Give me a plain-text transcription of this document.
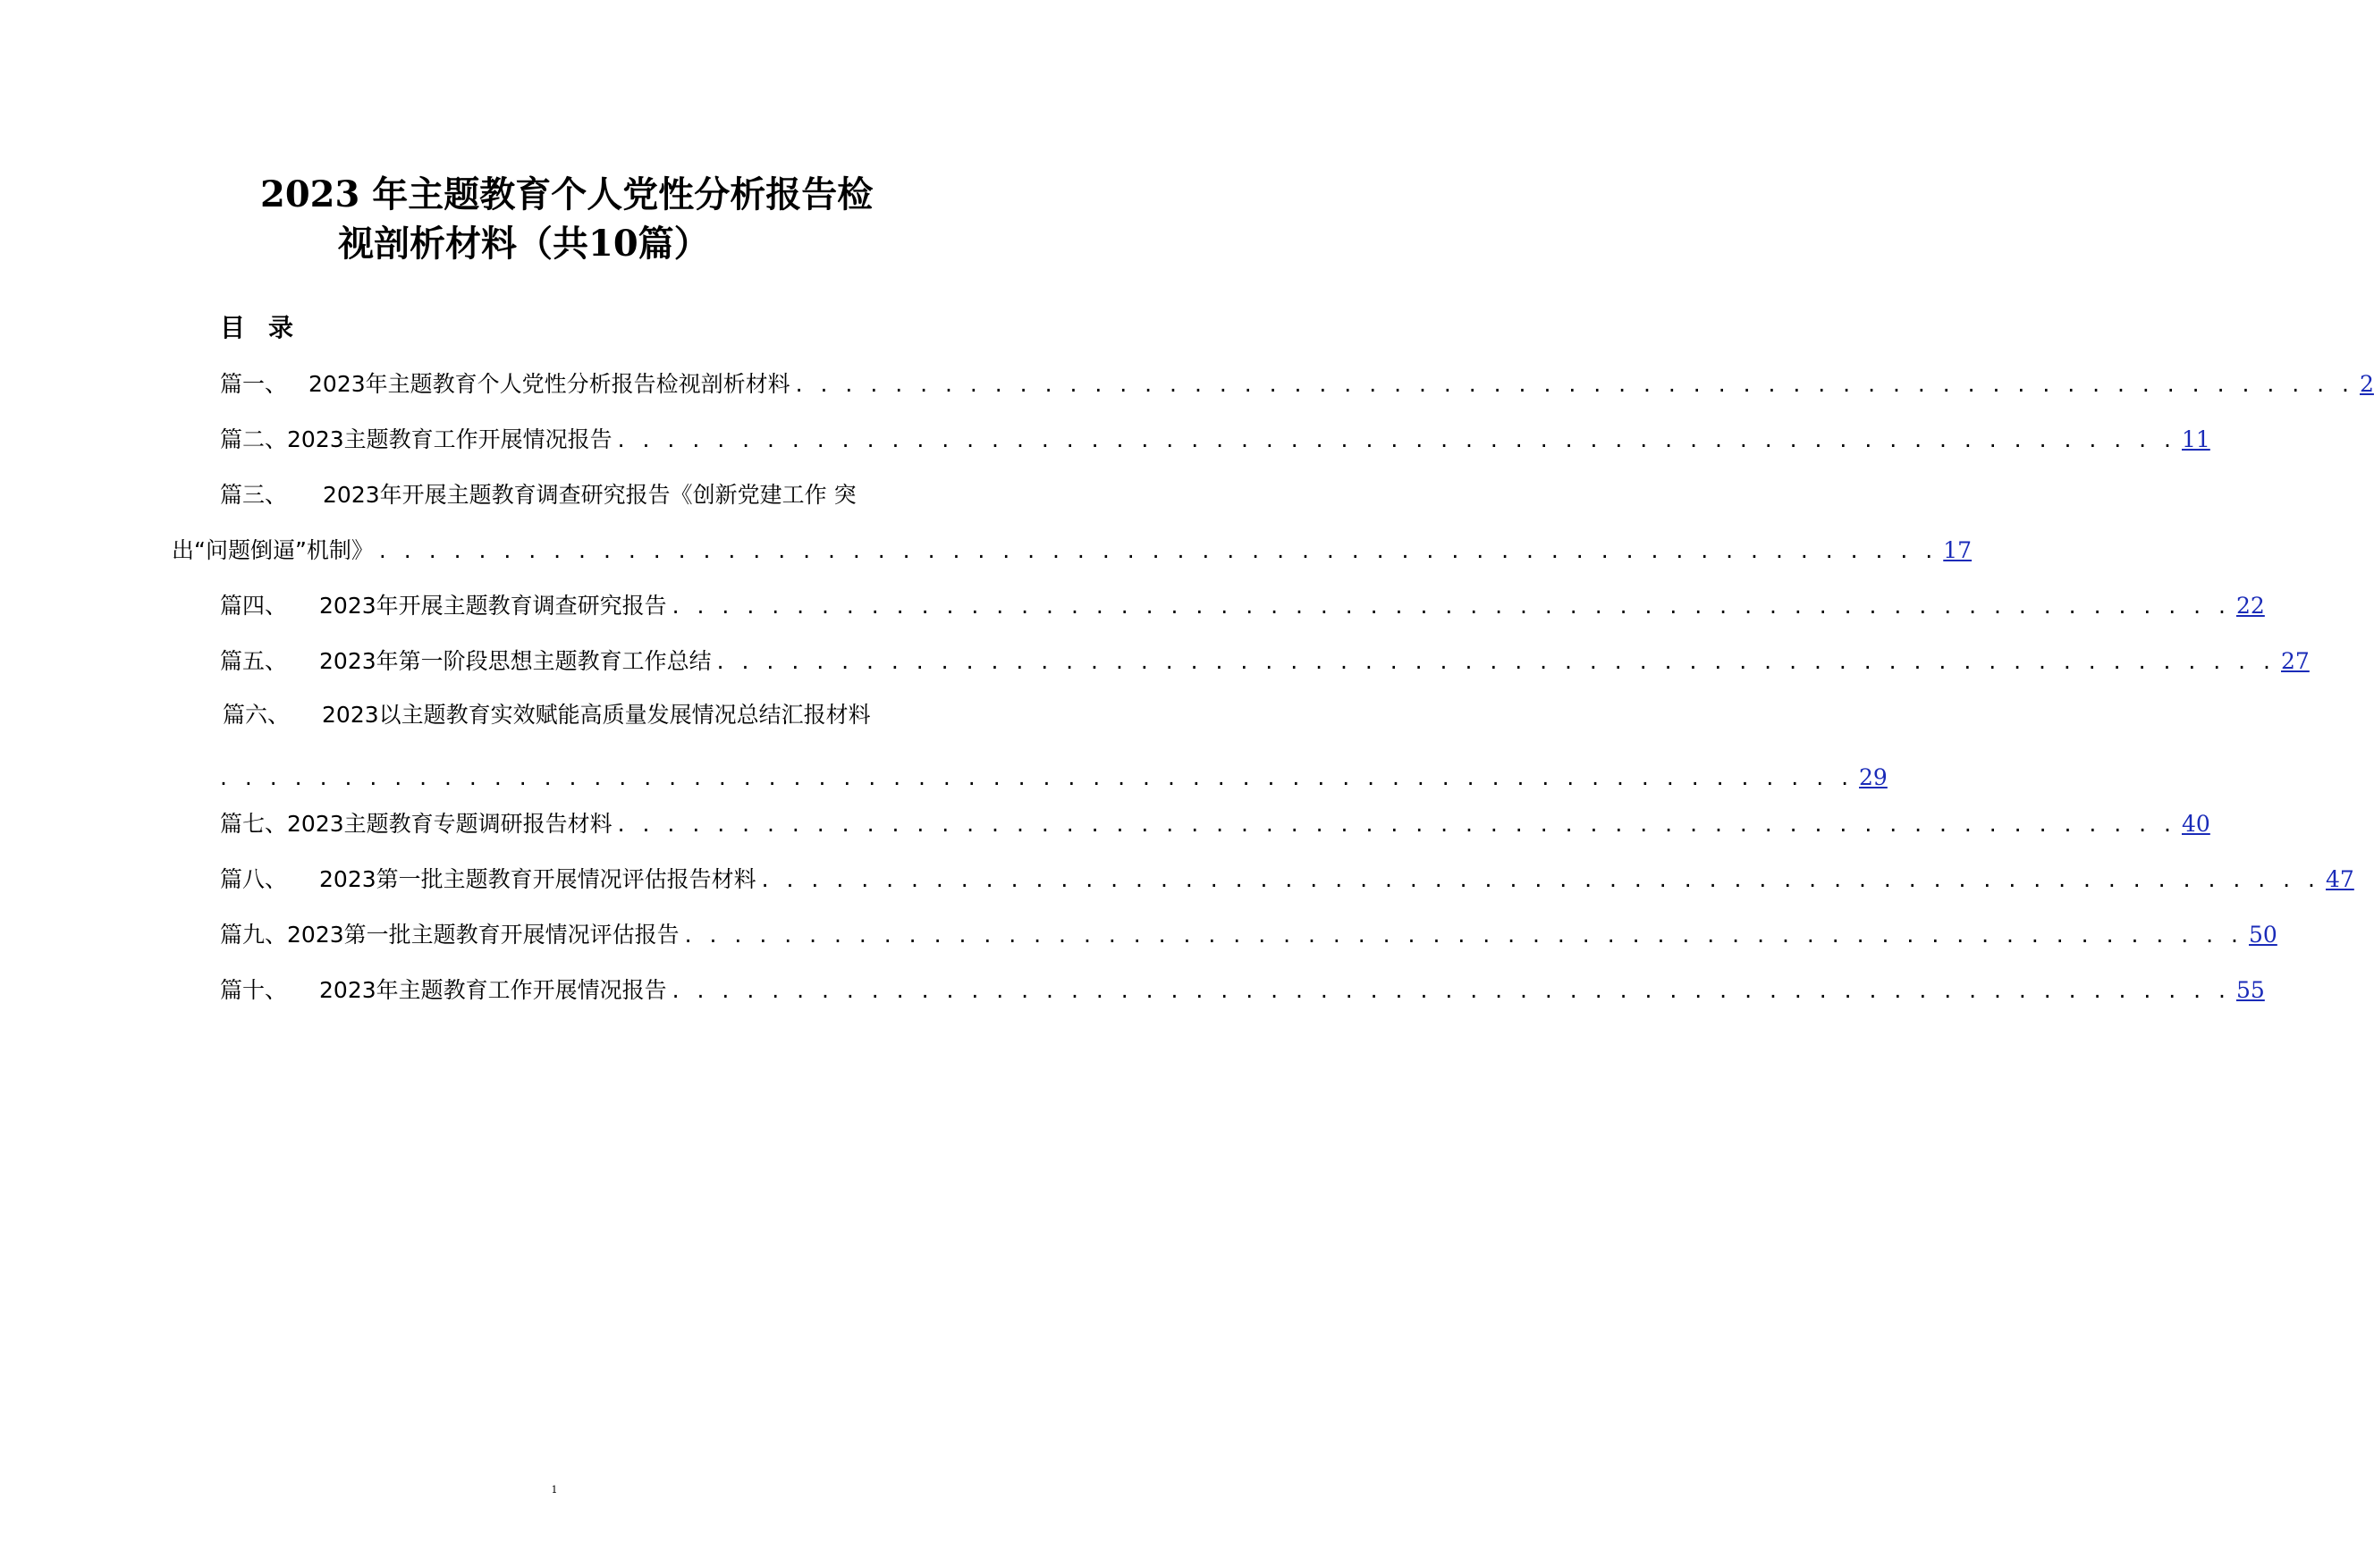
2023 年主题教育个人党性分析报告检
视剖析材料（共10篇）
目录
篇一、 2023年主题教育个人党性分析报告检视剖析材料 . . . . . . . . . . . . . . . . . . . . . . . . . . . . . . . . . . . . . . . . . . . . . . . . . . . . . . . . . . . . . . . 2
篇二、 2023主题教育工作开展情况报告 . . . . . . . . . . . . . . . . . . . . . . . . . . . . . . . . . . . . . . . . . . . . . . . . . . . . . . . . . . . . . . . 11
篇三、 2023年开展主题教育调查研究报告《创新党建工作 突
出“问题倒逼”机制》 . . . . . . . . . . . . . . . . . . . . . . . . . . . . . . . . . . . . . . . . . . . . . . . . . . . . . . . . . . . . . . . 17
篇四、 2023年开展主题教育调查研究报告 . . . . . . . . . . . . . . . . . . . . . . . . . . . . . . . . . . . . . . . . . . . . . . . . . . . . . . . . . . . . . . . 22
篇五、 2023年第一阶段思想主题教育工作总结 . . . . . . . . . . . . . . . . . . . . . . . . . . . . . . . . . . . . . . . . . . . . . . . . . . . . . . . . . . . . . . . 27
篇六、 2023以主题教育实效赋能高质量发展情况总结汇报材料
. . . . . . . . . . . . . . . . . . . . . . . . . . . . . . . . . . . . . . . . . . . . . . . . . . . . . . . . . . . . . . . . . . 29
篇七、 2023主题教育专题调研报告材料 . . . . . . . . . . . . . . . . . . . . . . . . . . . . . . . . . . . . . . . . . . . . . . . . . . . . . . . . . . . . . . . 40
篇八、 2023第一批主题教育开展情况评估报告材料 . . . . . . . . . . . . . . . . . . . . . . . . . . . . . . . . . . . . . . . . . . . . . . . . . . . . . . . . . . . . . . . 47
篇九、 2023第一批主题教育开展情况评估报告 . . . . . . . . . . . . . . . . . . . . . . . . . . . . . . . . . . . . . . . . . . . . . . . . . . . . . . . . . . . . . . . 50
篇十、 2023年主题教育工作开展情况报告 . . . . . . . . . . . . . . . . . . . . . . . . . . . . . . . . . . . . . . . . . . . . . . . . . . . . . . . . . . . . . . . 55
1
